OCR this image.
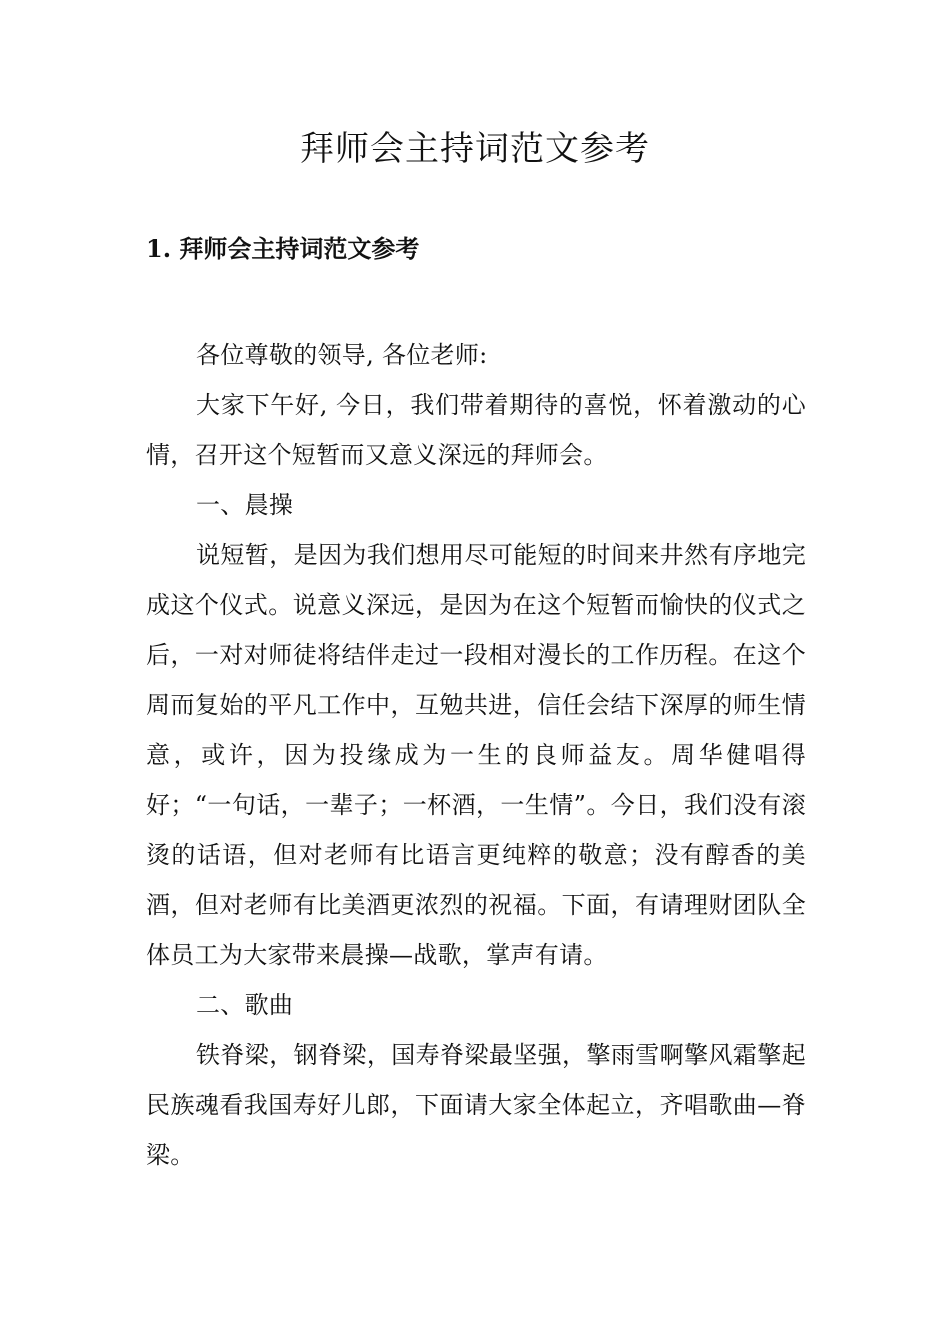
拜师会主持词范文参考
1. 拜师会主持词范文参考

各位尊敬的领导, 各位老师:

大家下午好, 今日，我们带着期待的喜悦，怀着激动的心情，召开这个短暂而又意义深远的拜师会。

一、晨操

说短暂，是因为我们想用尽可能短的时间来井然有序地完成这个仪式。说意义深远，是因为在这个短暂而愉快的仪式之后，一对对师徒将结伴走过一段相对漫长的工作历程。在这个周而复始的平凡工作中，互勉共进，信任会结下深厚的师生情意，或许，因为投缘成为一生的良师益友。周华健唱得好；“一句话，一辈子；一杯酒，一生情”。今日，我们没有滚烫的话语，但对老师有比语言更纯粹的敬意；没有醇香的美酒，但对老师有比美酒更浓烈的祝福。下面，有请理财团队全体员工为大家带来晨操—战歌，掌声有请。

二、歌曲

铁脊梁，钢脊梁，国寿脊梁最坚强，擎雨雪啊擎风霜擎起民族魂看我国寿好儿郎，下面请大家全体起立，齐唱歌曲—脊梁。
